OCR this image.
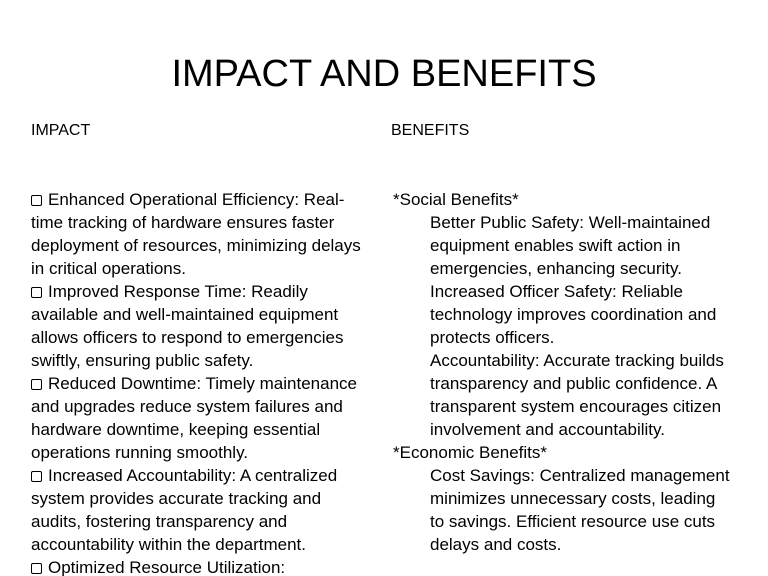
IMPACT AND BENEFITS
IMPACT	BENEFITS

Enhanced Operational Efficiency: Real-time tracking of hardware ensures faster deployment of resources, minimizing delays in critical operations.

Improved Response Time: Readily available and well-maintained equipment allows officers to respond to emergencies swiftly, ensuring public safety.

Reduced Downtime: Timely maintenance and upgrades reduce system failures and hardware downtime, keeping essential operations running smoothly.

Increased Accountability: A centralized system provides accurate tracking and audits, fostering transparency and accountability within the department.

Optimized Resource Utilization:

*Social Benefits*

Better Public Safety: Well-maintained equipment enables swift action in emergencies, enhancing security.

Increased Officer Safety: Reliable technology improves coordination and protects officers.

Accountability: Accurate tracking builds transparency and public confidence. A transparent system encourages citizen involvement and accountability.

*Economic Benefits*

Cost Savings: Centralized management minimizes unnecessary costs, leading to savings. Efficient resource use cuts delays and costs.
